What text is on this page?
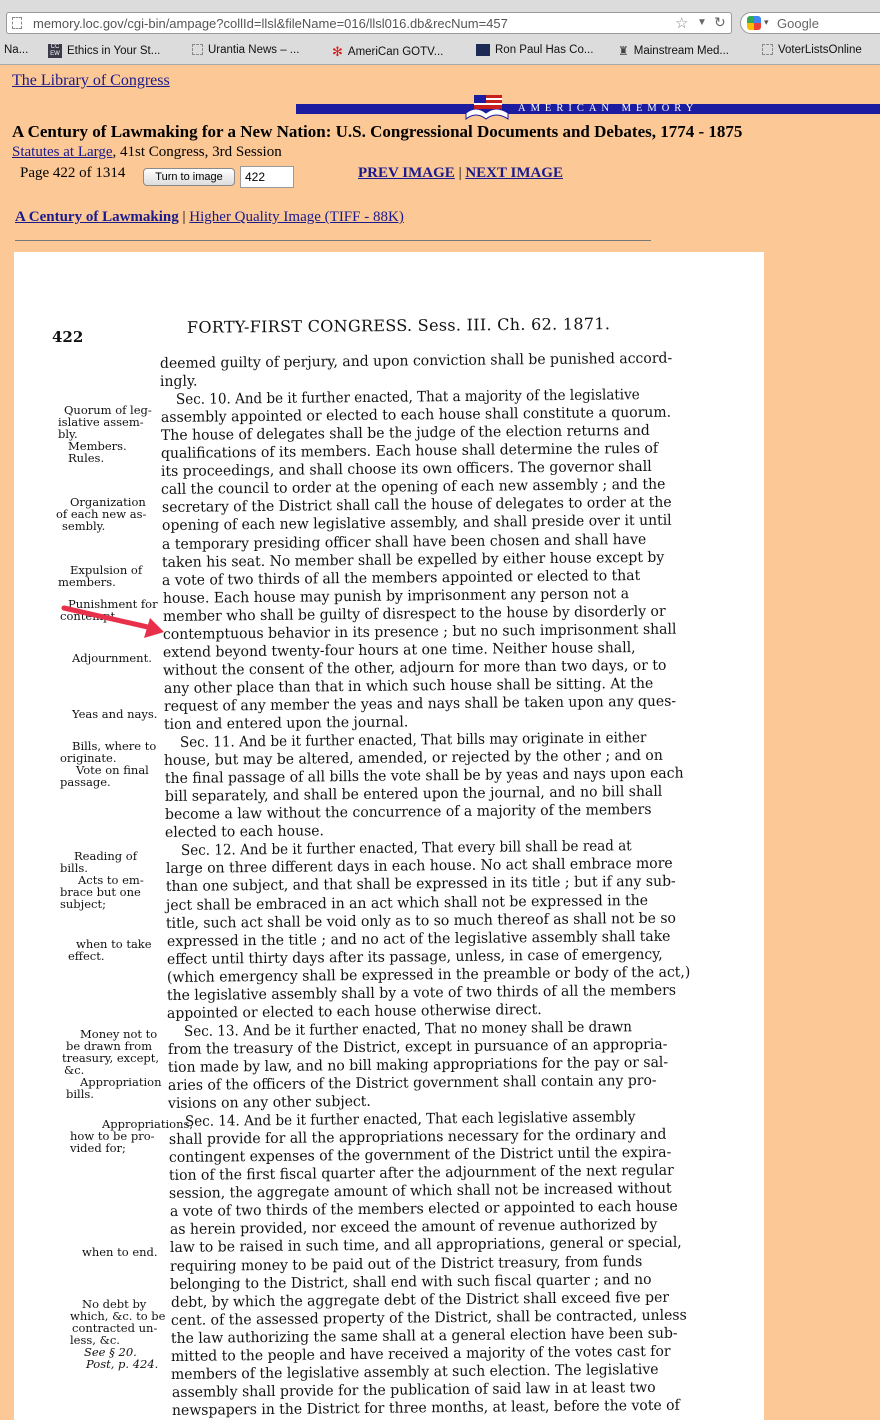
memory.loc.gov/cgi-bin/ampage?collId=llsl&fileName=016/llsl016.db&recNum=457	☆ ▼ ↻	▾ Google
Na...	CC
EW Ethics in Your St...	Urantia News – ...	✻ AmeriCan GOTV...	Ron Paul Has Co... ♜ Mainstream Med...	VoterListsOnline
The Library of Congress
AMERICAN MEMORY
A Century of Lawmaking for a New Nation: U.S. Congressional Documents and Debates, 1774 - 1875
Statutes at Large, 41st Congress, 3rd Session
Page 422 of 1314	Turn to image
422	PREV IMAGE | NEXT IMAGE
A Century of Lawmaking | Higher Quality Image (TIFF - 88K)
422
FORTY-FIRST CONGRESS. Sess. III. Ch. 62. 1871.
deemed guilty of perjury, and upon conviction shall be punished accord-
ingly.
Sec. 10. And be it further enacted, That a majority of the legislative
assembly appointed or elected to each house shall constitute a quorum.
The house of delegates shall be the judge of the election returns and
qualifications of its members. Each house shall determine the rules of
its proceedings, and shall choose its own officers. The governor shall
call the council to order at the opening of each new assembly ; and the
secretary of the District shall call the house of delegates to order at the
opening of each new legislative assembly, and shall preside over it until
a temporary presiding officer shall have been chosen and shall have
taken his seat. No member shall be expelled by either house except by
a vote of two thirds of all the members appointed or elected to that
house. Each house may punish by imprisonment any person not a
member who shall be guilty of disrespect to the house by disorderly or
contemptuous behavior in its presence ; but no such imprisonment shall
extend beyond twenty-four hours at one time. Neither house shall,
without the consent of the other, adjourn for more than two days, or to
any other place than that in which such house shall be sitting. At the
request of any member the yeas and nays shall be taken upon any ques-
tion and entered upon the journal.
Sec. 11. And be it further enacted, That bills may originate in either
house, but may be altered, amended, or rejected by the other ; and on
the final passage of all bills the vote shall be by yeas and nays upon each
bill separately, and shall be entered upon the journal, and no bill shall
become a law without the concurrence of a majority of the members
elected to each house.
Sec. 12. And be it further enacted, That every bill shall be read at
large on three different days in each house. No act shall embrace more
than one subject, and that shall be expressed in its title ; but if any sub-
ject shall be embraced in an act which shall not be expressed in the
title, such act shall be void only as to so much thereof as shall not be so
expressed in the title ; and no act of the legislative assembly shall take
effect until thirty days after its passage, unless, in case of emergency,
(which emergency shall be expressed in the preamble or body of the act,)
the legislative assembly shall by a vote of two thirds of all the members
appointed or elected to each house otherwise direct.
Sec. 13. And be it further enacted, That no money shall be drawn
from the treasury of the District, except in pursuance of an appropria-
tion made by law, and no bill making appropriations for the pay or sal-
aries of the officers of the District government shall contain any pro-
visions on any other subject.
Sec. 14. And be it further enacted, That each legislative assembly
shall provide for all the appropriations necessary for the ordinary and
contingent expenses of the government of the District until the expira-
tion of the first fiscal quarter after the adjournment of the next regular
session, the aggregate amount of which shall not be increased without
a vote of two thirds of the members elected or appointed to each house
as herein provided, nor exceed the amount of revenue authorized by
law to be raised in such time, and all appropriations, general or special,
requiring money to be paid out of the District treasury, from funds
belonging to the District, shall end with such fiscal quarter ; and no
debt, by which the aggregate debt of the District shall exceed five per
cent. of the assessed property of the District, shall be contracted, unless
the law authorizing the same shall at a general election have been sub-
mitted to the people and have received a majority of the votes cast for
members of the legislative assembly at such election. The legislative
assembly shall provide for the publication of said law in at least two
newspapers in the District for three months, at least, before the vote of
Quorum of leg-
islative assem-
bly.
Members.
Rules.
Organization
of each new as-
sembly.
Expulsion of
members.
Punishment for
contempt.
Adjournment.
Yeas and nays.
Bills, where to
originate.
Vote on final
passage.
Reading of
bills.
Acts to em-
brace but one
subject;
when to take
effect.
Money not to
be drawn from
treasury, except,
&c.
Appropriation
bills.
Appropriations,
how to be pro-
vided for;
when to end.
No debt by
which, &c. to be
contracted un-
less, &c.
See § 20.
Post, p. 424.
